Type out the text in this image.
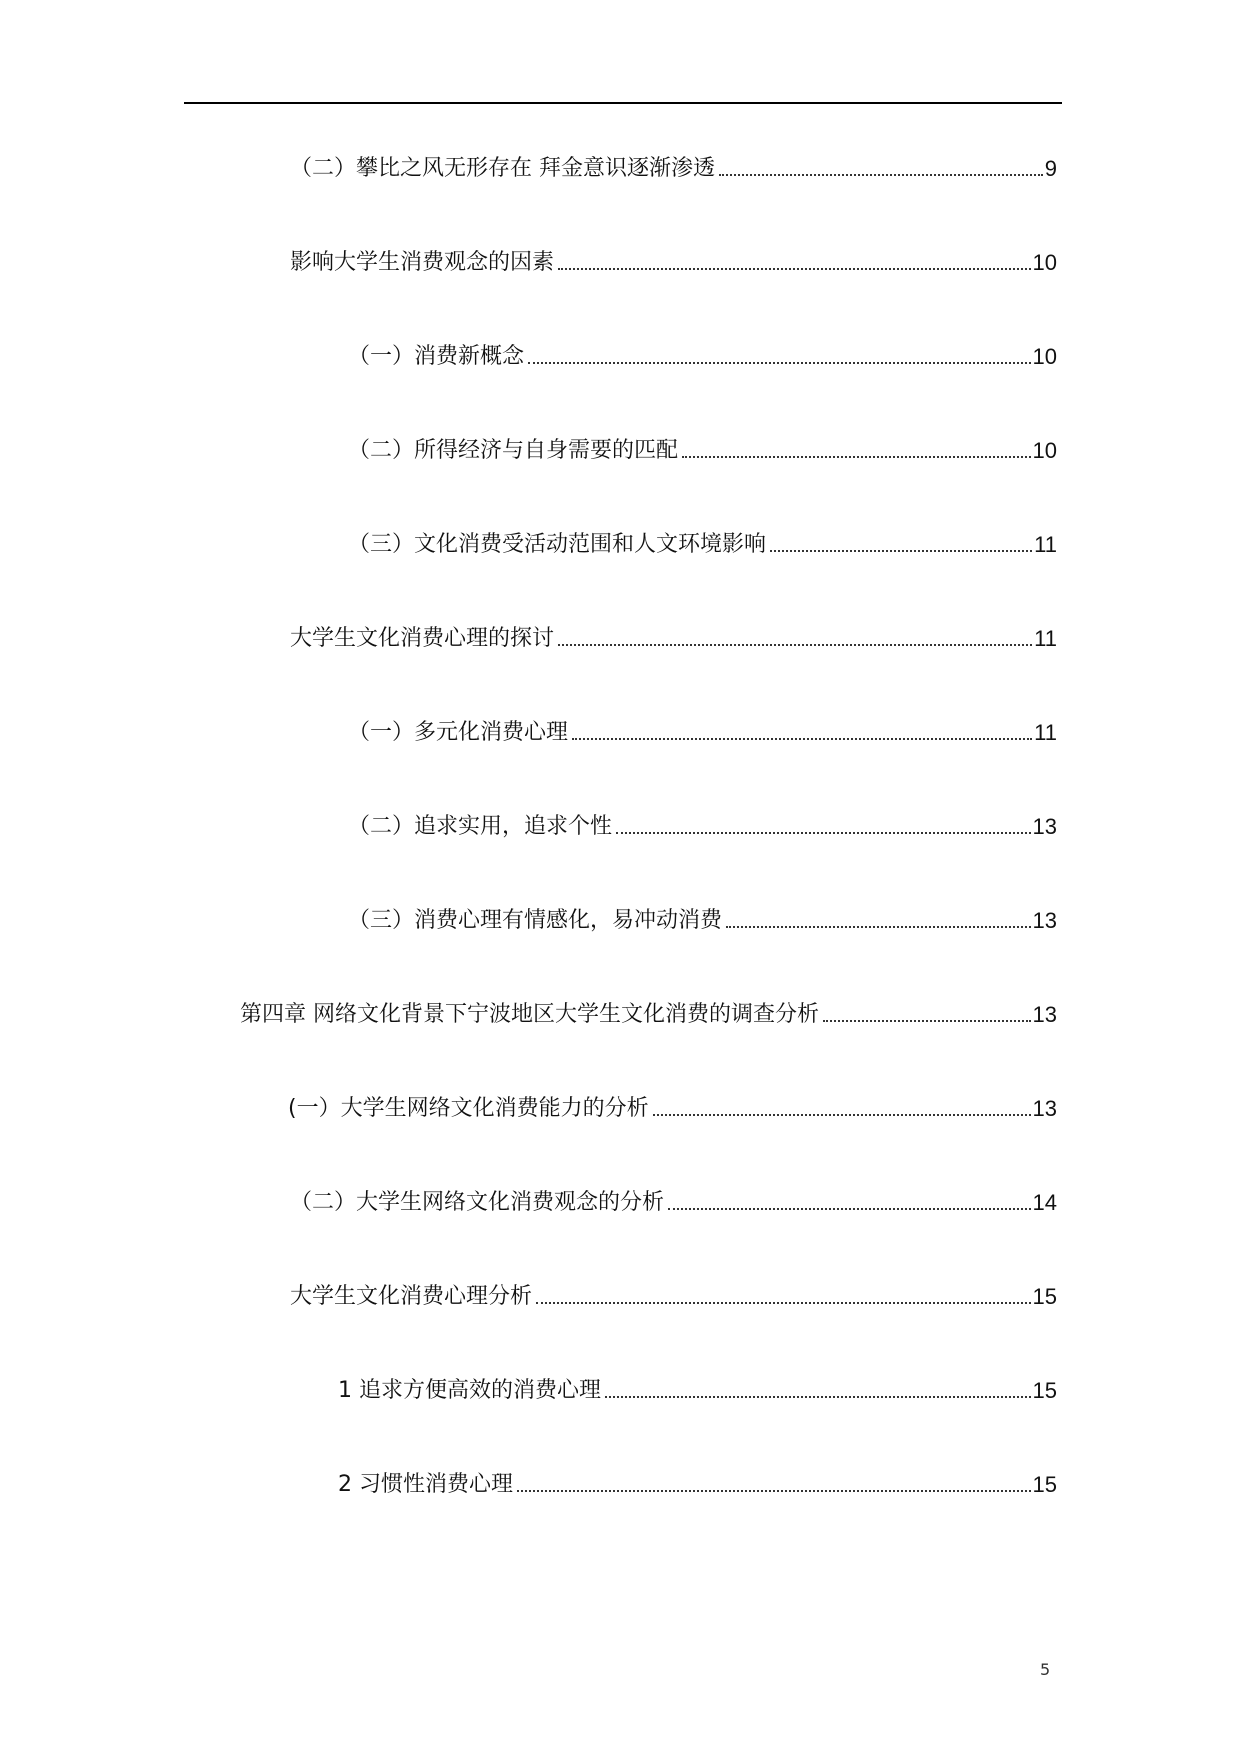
（二）攀比之风无形存在 拜金意识逐渐渗透	9
影响大学生消费观念的因素	10
（一）消费新概念	10
（二）所得经济与自身需要的匹配	10
（三）文化消费受活动范围和人文环境影响	11
大学生文化消费心理的探讨	11
（一）多元化消费心理	11
（二）追求实用，追求个性	13
（三）消费心理有情感化，易冲动消费	13
第四章 网络文化背景下宁波地区大学生文化消费的调查分析	13
(一）大学生网络文化消费能力的分析	13
（二）大学生网络文化消费观念的分析	14
大学生文化消费心理分析	15
1 追求方便高效的消费心理	15
2 习惯性消费心理	15
5
